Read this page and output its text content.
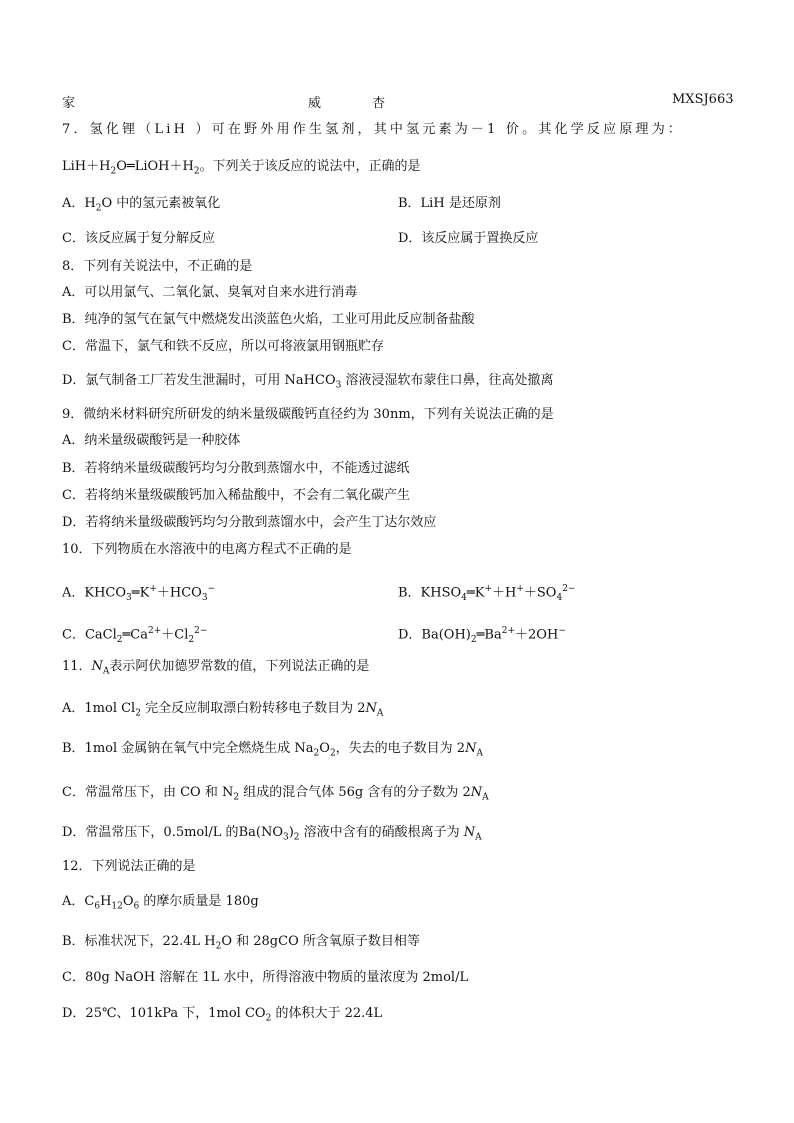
家	威	杏	MXSJ663
7．氢化锂（LiH ）可在野外用作生氢剂，其中氢元素为－1 价。其化学反应原理为：
$LiH+H_2O═LiOH+H_2$。下列关于该反应的说法中，正确的是
A．$H_2O$ 中的氢元素被氧化	B．LiH 是还原剂
C．该反应属于复分解反应	D．该反应属于置换反应
8．下列有关说法中，不正确的是
A．可以用氯气、二氧化氯、臭氧对自来水进行消毒
B．纯净的氢气在氯气中燃烧发出淡蓝色火焰，工业可用此反应制备盐酸
C．常温下，氯气和铁不反应，所以可将液氯用钢瓶贮存
D．氯气制备工厂若发生泄漏时，可用 NaHCO$_3$ 溶液浸湿软布蒙住口鼻，往高处撤离
9．微纳米材料研究所研发的纳米量级碳酸钙直径约为 30nm，下列有关说法正确的是
A．纳米量级碳酸钙是一种胶体
B．若将纳米量级碳酸钙均匀分散到蒸馏水中，不能透过滤纸
C．若将纳米量级碳酸钙加入稀盐酸中，不会有二氧化碳产生
D．若将纳米量级碳酸钙均匀分散到蒸馏水中，会产生丁达尔效应
10．下列物质在水溶液中的电离方程式不正确的是
A．$KHCO_3═K^++HCO_3^-$	B．$KHSO_4═K^++H^++SO_4^{2-}$
C．$CaCl_2═Ca^{2+}+Cl_2^{2-}$	D．$Ba(OH)_2═Ba^{2+}+2OH^-$
11．$N_A$表示阿伏加德罗常数的值，下列说法正确的是
A．1mol $Cl_2$ 完全反应制取漂白粉转移电子数目为 $2N_A$
B．1mol 金属钠在氧气中完全燃烧生成 $Na_2O_2$，失去的电子数目为 $2N_A$
C．常温常压下，由 CO 和 $N_2$ 组成的混合气体 56g 含有的分子数为 $2N_A$
D．常温常压下，0.5mol/L 的$Ba(NO_3)_2$ 溶液中含有的硝酸根离子为 $N_A$
12．下列说法正确的是
A．$C_6H_{12}O_6$ 的摩尔质量是 180g
B．标准状况下，22.4L $H_2O$ 和 28gCO 所含氧原子数目相等
C．80g NaOH 溶解在 1L 水中，所得溶液中物质的量浓度为 2mol/L
D．25℃、101kPa 下，1mol $CO_2$ 的体积大于 22.4L
